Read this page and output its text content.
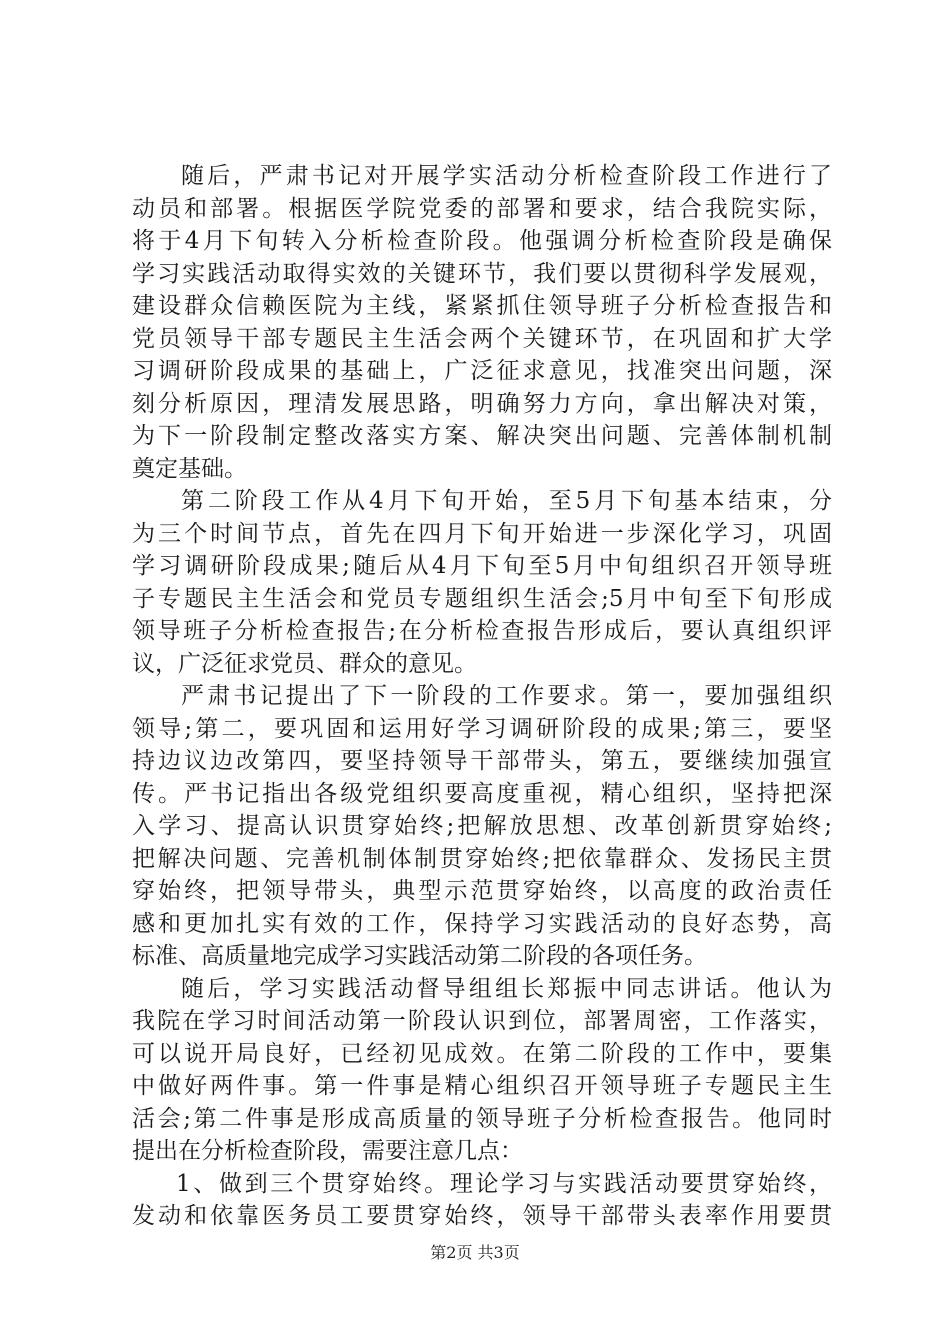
随后，严肃书记对开展学实活动分析检查阶段工作进行了
动员和部署。根据医学院党委的部署和要求，结合我院实际，
将于4月下旬转入分析检查阶段。他强调分析检查阶段是确保
学习实践活动取得实效的关键环节，我们要以贯彻科学发展观，
建设群众信赖医院为主线，紧紧抓住领导班子分析检查报告和
党员领导干部专题民主生活会两个关键环节，在巩固和扩大学
习调研阶段成果的基础上，广泛征求意见，找准突出问题，深
刻分析原因，理清发展思路，明确努力方向，拿出解决对策，
为下一阶段制定整改落实方案、解决突出问题、完善体制机制
奠定基础。
第二阶段工作从4月下旬开始，至5月下旬基本结束，分
为三个时间节点，首先在四月下旬开始进一步深化学习，巩固
学习调研阶段成果;随后从4月下旬至5月中旬组织召开领导班
子专题民主生活会和党员专题组织生活会;5月中旬至下旬形成
领导班子分析检查报告;在分析检查报告形成后，要认真组织评
议，广泛征求党员、群众的意见。
严肃书记提出了下一阶段的工作要求。第一，要加强组织
领导;第二，要巩固和运用好学习调研阶段的成果;第三，要坚
持边议边改第四，要坚持领导干部带头，第五，要继续加强宣
传。严书记指出各级党组织要高度重视，精心组织，坚持把深
入学习、提高认识贯穿始终;把解放思想、改革创新贯穿始终;
把解决问题、完善机制体制贯穿始终;把依靠群众、发扬民主贯
穿始终，把领导带头，典型示范贯穿始终，以高度的政治责任
感和更加扎实有效的工作，保持学习实践活动的良好态势，高
标准、高质量地完成学习实践活动第二阶段的各项任务。
随后，学习实践活动督导组组长郑振中同志讲话。他认为
我院在学习时间活动第一阶段认识到位，部署周密，工作落实，
可以说开局良好，已经初见成效。在第二阶段的工作中，要集
中做好两件事。第一件事是精心组织召开领导班子专题民主生
活会;第二件事是形成高质量的领导班子分析检查报告。他同时
提出在分析检查阶段，需要注意几点：
1、做到三个贯穿始终。理论学习与实践活动要贯穿始终，
发动和依靠医务员工要贯穿始终，领导干部带头表率作用要贯
第2页 共3页
